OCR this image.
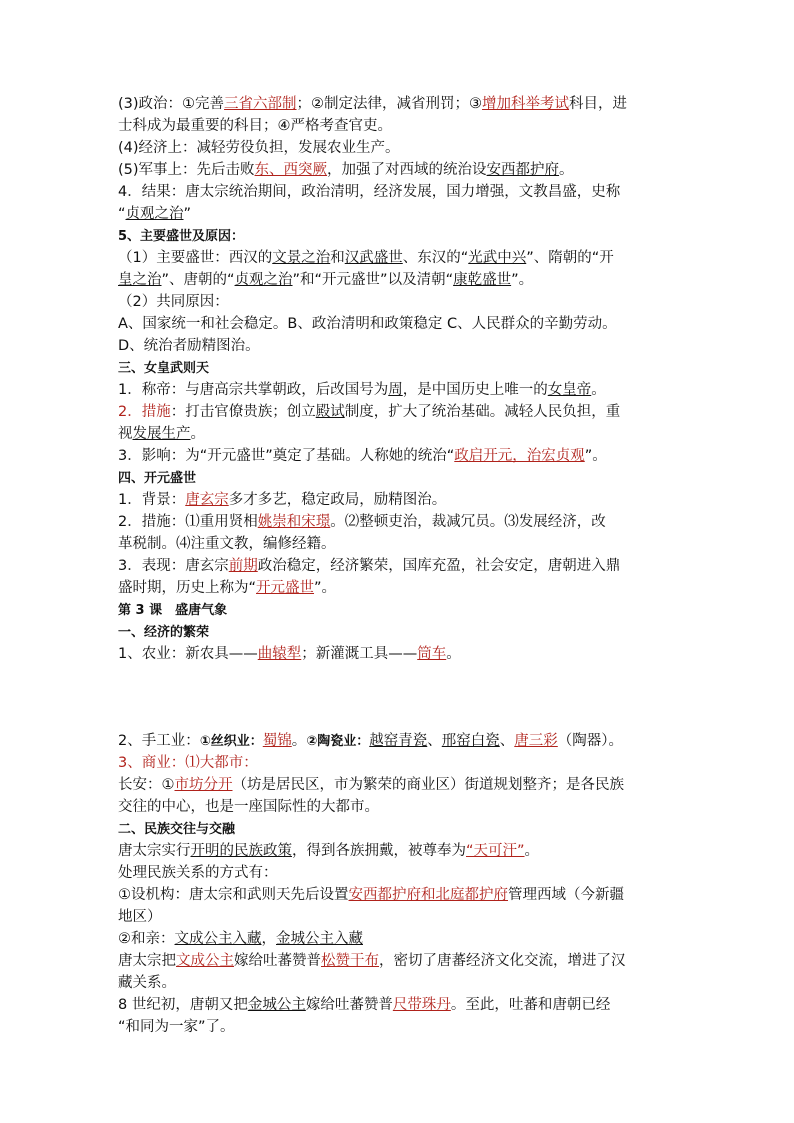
(3)政治：①完善三省六部制；②制定法律，减省刑罚；③增加科举考试科目，进
士科成为最重要的科目；④严格考查官吏。
(4)经济上：减轻劳役负担，发展农业生产。
(5)军事上：先后击败东、西突厥，加强了对西域的统治设安西都护府。
4．结果：唐太宗统治期间，政治清明，经济发展，国力增强，文教昌盛，史称
“贞观之治”
5、主要盛世及原因：
（1）主要盛世：西汉的文景之治和汉武盛世、东汉的“光武中兴”、隋朝的“开
皇之治”、唐朝的“贞观之治”和“开元盛世”以及清朝“康乾盛世”。
（2）共同原因：
A、国家统一和社会稳定。B、政治清明和政策稳定 C、人民群众的辛勤劳动。
D、统治者励精图治。
三、女皇武则天
1．称帝：与唐高宗共掌朝政，后改国号为周，是中国历史上唯一的女皇帝。
2．措施：打击官僚贵族；创立殿试制度，扩大了统治基础。减轻人民负担，重
视发展生产。
3．影响：为“开元盛世”奠定了基础。人称她的统治“政启开元，治宏贞观”。
四、开元盛世
1．背景：唐玄宗多才多艺，稳定政局，励精图治。
2．措施：⑴重用贤相姚崇和宋璟。⑵整顿吏治，裁减冗员。⑶发展经济，改
革税制。⑷注重文教，编修经籍。
3．表现：唐玄宗前期政治稳定，经济繁荣，国库充盈，社会安定，唐朝进入鼎
盛时期，历史上称为“开元盛世”。
第 3 课　盛唐气象
一、经济的繁荣
1、农业：新农具——曲辕犁；新灌溉工具——筒车。
2、手工业：①丝织业：蜀锦。②陶瓷业：越窑青瓷、邢窑白瓷、唐三彩（陶器）。
3、商业：⑴大都市：
长安：①市坊分开（坊是居民区，市为繁荣的商业区）街道规划整齐；是各民族
交往的中心，也是一座国际性的大都市。
二、民族交往与交融
唐太宗实行开明的民族政策，得到各族拥戴，被尊奉为“天可汗”。
处理民族关系的方式有：
①设机构：唐太宗和武则天先后设置安西都护府和北庭都护府管理西域（今新疆
地区）
②和亲：文成公主入藏，金城公主入藏
唐太宗把文成公主嫁给吐蕃赞普松赞干布，密切了唐蕃经济文化交流，增进了汉
藏关系。
8 世纪初，唐朝又把金城公主嫁给吐蕃赞普尺带珠丹。至此，吐蕃和唐朝已经
“和同为一家”了。
